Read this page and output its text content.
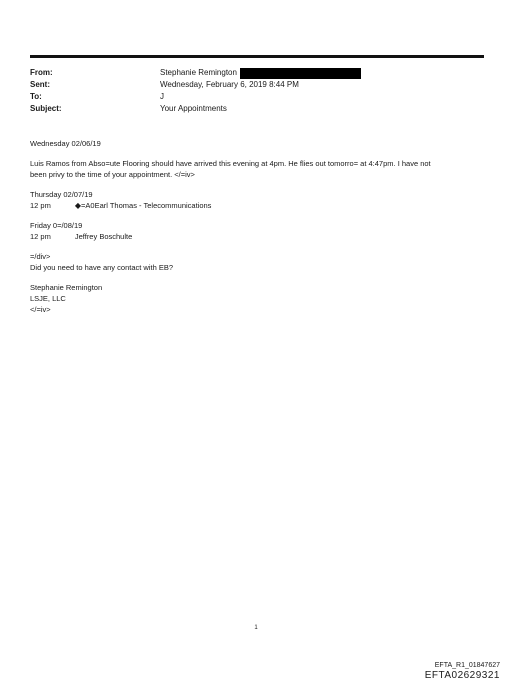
From:	Stephanie Remington
Sent:	Wednesday, February 6, 2019 8:44 PM
To:	J
Subject:	Your Appointments
Wednesday 02/06/19
Luis Ramos from Abso=ute Flooring should have arrived this evening at 4pm. He flies out tomorro= at 4:47pm. I have not
been privy to the time of your appointment. </=iv>
Thursday 02/07/19
12 pm	◆=A0Earl Thomas - Telecommunications
Friday 0=/08/19
12 pm	Jeffrey Boschulte
=/div>
Did you need to have any contact with EB?
Stephanie Remington
LSJE, LLC
</=iv>
1
EFTA_R1_01847627
EFTA02629321
